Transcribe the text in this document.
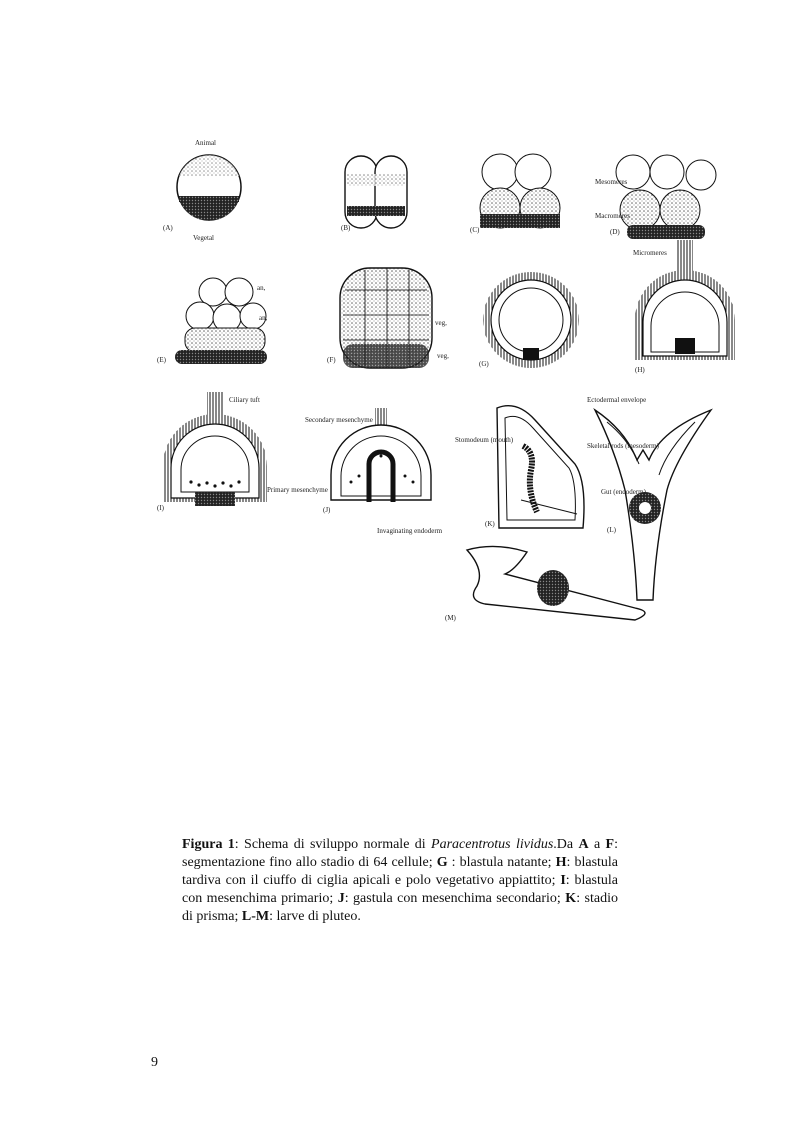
Animal
Vegetal
(A)	(B)	(C)
Mesomeres
Macromeres
Micromeres
(D)
an,
an,
(E)
veg,
veg,
(F)	(G)
(H)
Ciliary tuft
Primary mesenchyme
(I)
Secondary mesenchyme
Invaginating endoderm
(J)
Stomodeum (mouth)
(K)
Ectodermal envelope
Skeletal rods (mesoderm)
Gut (endoderm)
(L)
(M)
Figura 1: Schema di sviluppo normale di Paracentrotus lividus.Da A a F: segmentazione fino allo stadio di 64 cellule; G : blastula natante; H: blastula tardiva con il ciuffo di ciglia apicali e polo vegetativo appiattito; I: blastula con mesenchima primario; J: gastula con mesenchima secondario; K: stadio di prisma; L-M: larve di pluteo.
9
